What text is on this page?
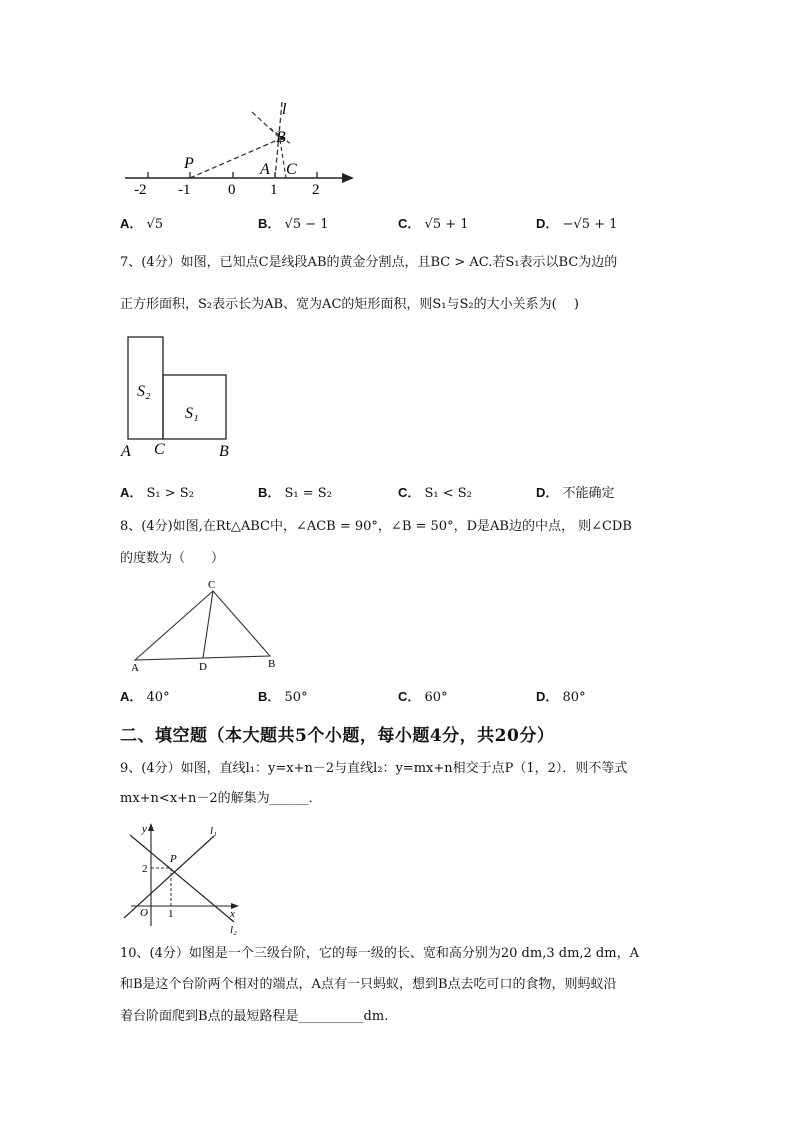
-2 -1	0 1 2
P	A
B
C
l
A． √5	B． √5 − 1	C． √5 + 1	D． −√5 + 1
7、(4分）如图，已知点C是线段AB的黄金分割点，且BC > AC.若S₁表示以BC为边的
正方形面积，S₂表示长为AB、宽为AC的矩形面积，则S₁与S₂的大小关系为(　 )
S₂
S₁
A C	B
A． S₁ > S₂	B． S₁ = S₂	C． S₁ < S₂	D． 不能确定
8、(4分)如图,在Rt△ABC中，∠ACB = 90°，∠B = 50°，D是AB边的中点， 则∠CDB
的度数为（　　）
C
A	D	B
A． 40°	B． 50°	C． 60°	D． 80°
二、填空题（本大题共5个小题，每小题4分，共20分）
9、(4分）如图，直线l₁：y=x+n－2与直线l₂：y=mx+n相交于点P（1，2）．则不等式
mx+n<x+n－2的解集为______．
y	l₁
P
2
O 1	x
l₂
10、(4分）如图是一个三级台阶，它的每一级的长、宽和高分别为20 dm,3 dm,2 dm，A
和B是这个台阶两个相对的端点，A点有一只蚂蚁，想到B点去吃可口的食物，则蚂蚁沿
着台阶面爬到B点的最短路程是__________dm.
